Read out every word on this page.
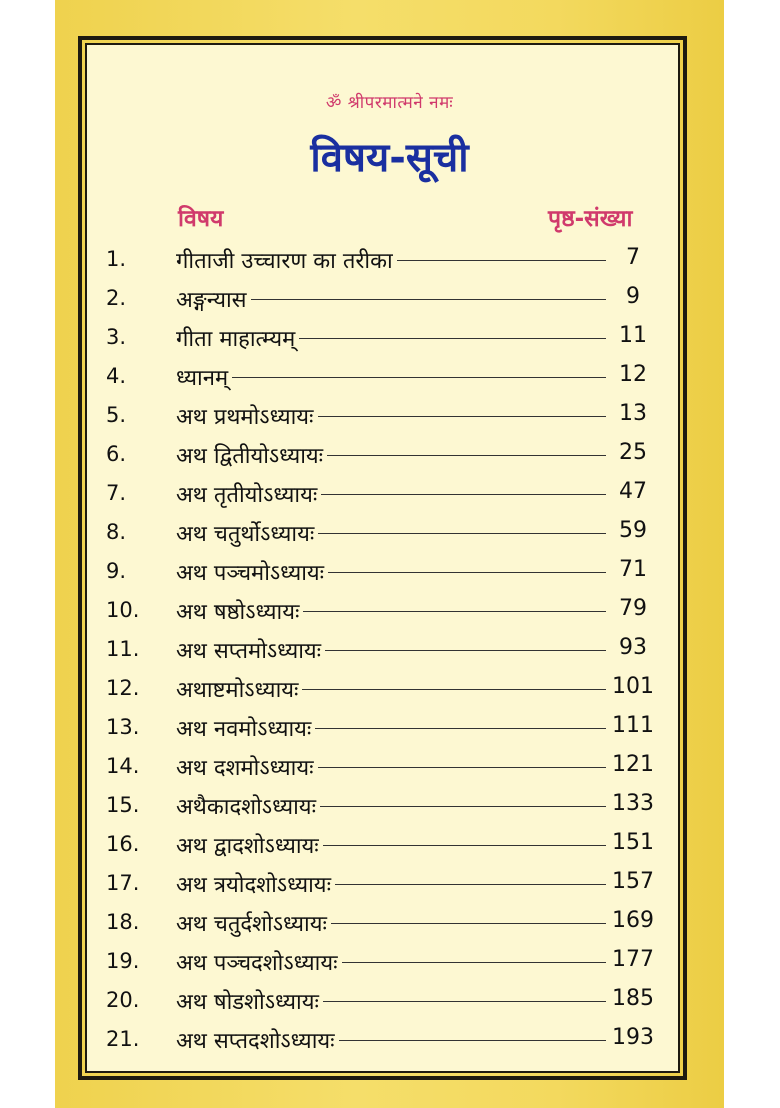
ॐ श्रीपरमात्मने नमः
विषय-सूची
विषय	पृष्ठ-संख्या
1. गीताजी उच्चारण का तरीका	7
2. अङ्गन्यास	9
3. गीता माहात्म्यम्	11
4. ध्यानम्	12
5. अथ प्रथमोऽध्यायः	13
6. अथ द्वितीयोऽध्यायः	25
7. अथ तृतीयोऽध्यायः	47
8. अथ चतुर्थोऽध्यायः	59
9. अथ पञ्चमोऽध्यायः	71
10. अथ षष्ठोऽध्यायः	79
11. अथ सप्तमोऽध्यायः	93
12. अथाष्टमोऽध्यायः	101
13. अथ नवमोऽध्यायः	111
14. अथ दशमोऽध्यायः	121
15. अथैकादशोऽध्यायः	133
16. अथ द्वादशोऽध्यायः	151
17. अथ त्रयोदशोऽध्यायः	157
18. अथ चतुर्दशोऽध्यायः	169
19. अथ पञ्चदशोऽध्यायः	177
20. अथ षोडशोऽध्यायः	185
21. अथ सप्तदशोऽध्यायः	193
